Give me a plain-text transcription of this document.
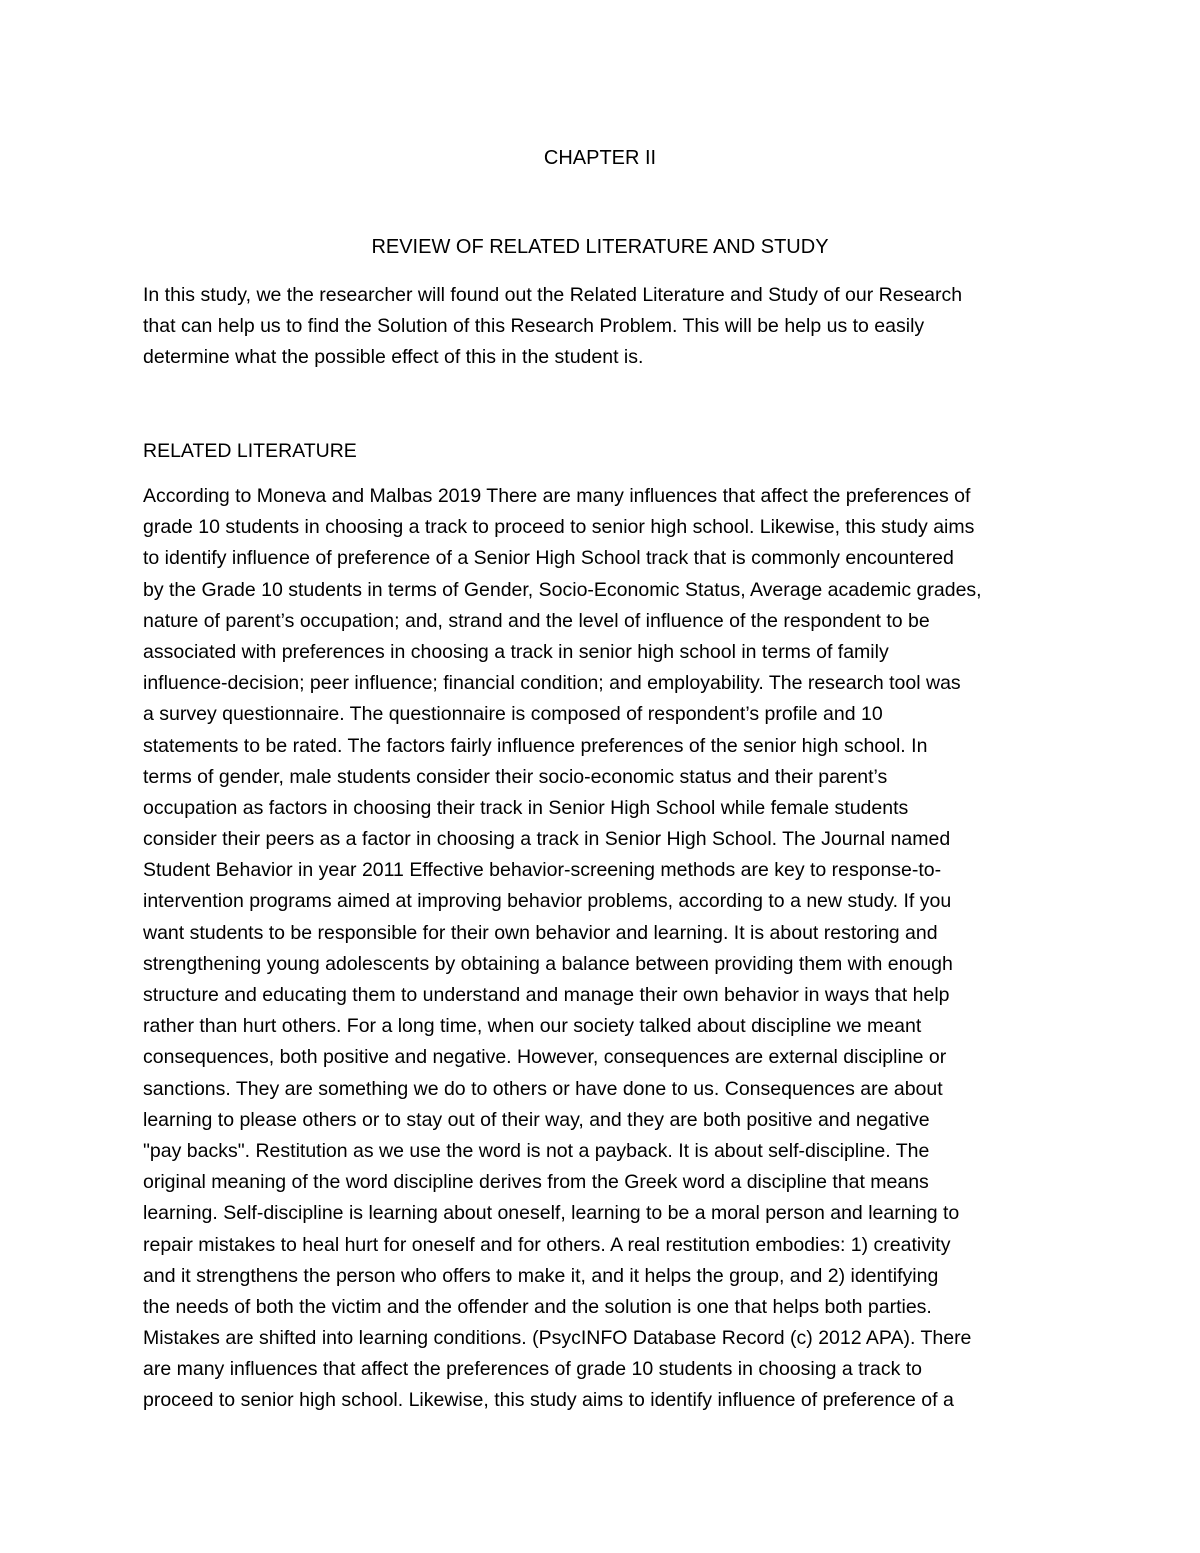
CHAPTER II
REVIEW OF RELATED LITERATURE AND STUDY
In this study, we the researcher will found out the Related Literature and Study of our Research
that can help us to find the Solution of this Research Problem. This will be help us to easily
determine what the possible effect of this in the student is.
RELATED LITERATURE
According to Moneva and Malbas 2019 There are many influences that affect the preferences of
grade 10 students in choosing a track to proceed to senior high school. Likewise, this study aims
to identify influence of preference of a Senior High School track that is commonly encountered
by the Grade 10 students in terms of Gender, Socio-Economic Status, Average academic grades,
nature of parent’s occupation; and, strand and the level of influence of the respondent to be
associated with preferences in choosing a track in senior high school in terms of family
influence-decision; peer influence; financial condition; and employability. The research tool was
a survey questionnaire. The questionnaire is composed of respondent’s profile and 10
statements to be rated. The factors fairly influence preferences of the senior high school. In
terms of gender, male students consider their socio-economic status and their parent’s
occupation as factors in choosing their track in Senior High School while female students
consider their peers as a factor in choosing a track in Senior High School. The Journal named
Student Behavior in year 2011 Effective behavior-screening methods are key to response-to-
intervention programs aimed at improving behavior problems, according to a new study. If you
want students to be responsible for their own behavior and learning. It is about restoring and
strengthening young adolescents by obtaining a balance between providing them with enough
structure and educating them to understand and manage their own behavior in ways that help
rather than hurt others. For a long time, when our society talked about discipline we meant
consequences, both positive and negative. However, consequences are external discipline or
sanctions. They are something we do to others or have done to us. Consequences are about
learning to please others or to stay out of their way, and they are both positive and negative
"pay backs". Restitution as we use the word is not a payback. It is about self-discipline. The
original meaning of the word discipline derives from the Greek word a discipline that means
learning. Self-discipline is learning about oneself, learning to be a moral person and learning to
repair mistakes to heal hurt for oneself and for others. A real restitution embodies: 1) creativity
and it strengthens the person who offers to make it, and it helps the group, and 2) identifying
the needs of both the victim and the offender and the solution is one that helps both parties.
Mistakes are shifted into learning conditions. (PsycINFO Database Record (c) 2012 APA). There
are many influences that affect the preferences of grade 10 students in choosing a track to
proceed to senior high school. Likewise, this study aims to identify influence of preference of a
